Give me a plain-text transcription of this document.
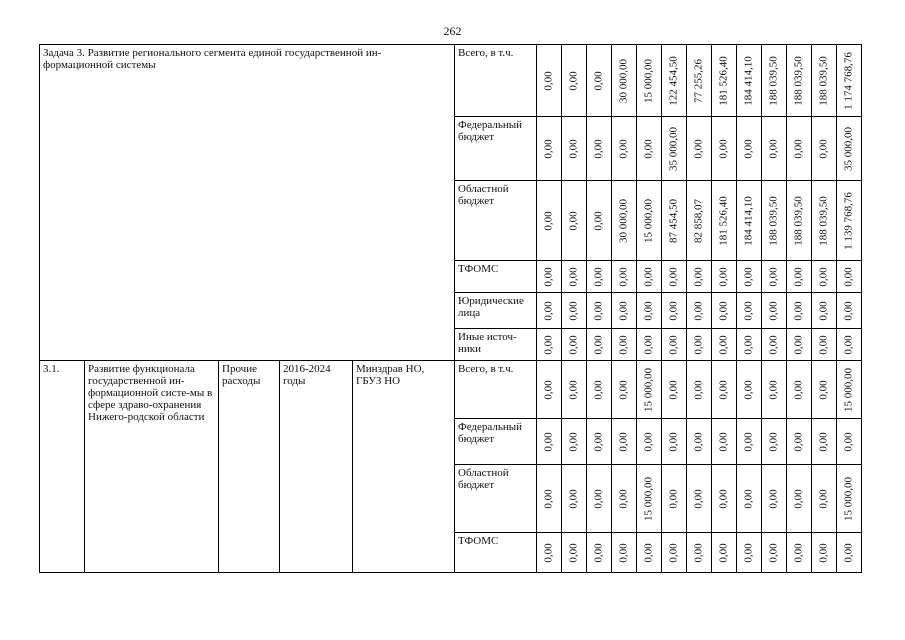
262
Задача 3. Развитие регионального сегмента единой государственной ин-формационной системы					Всего, в т.ч.	0,00	0,00	0,00	30 000,00	15 000,00	122 454,50	77 255,26	181 526,40	184 414,10	188 039,50	188 039,50	188 039,50	1 174 768,76

					Федеральный бюджет	0,00	0,00	0,00	0,00	0,00	35 000,00	0,00	0,00	0,00	0,00	0,00	0,00	35 000,00

					Областной бюджет	0,00	0,00	0,00	30 000,00	15 000,00	87 454,50	82 858,07	181 526,40	184 414,10	188 039,50	188 039,50	188 039,50	1 139 768,76

					ТФОМС	0,00	0,00	0,00	0,00	0,00	0,00	0,00	0,00	0,00	0,00	0,00	0,00	0,00

					Юридические лица	0,00	0,00	0,00	0,00	0,00	0,00	0,00	0,00	0,00	0,00	0,00	0,00	0,00

					Иные источ-ники	0,00	0,00	0,00	0,00	0,00	0,00	0,00	0,00	0,00	0,00	0,00	0,00	0,00

3.1.	Развитие функционала государственной ин-формационной систе-мы в сфере здраво-охранения Нижего-родской области	Прочие расходы	2016-2024 годы	Минздрав НО, ГБУЗ НО	Всего, в т.ч.	0,00	0,00	0,00	0,00	15 000,00	0,00	0,00	0,00	0,00	0,00	0,00	0,00	15 000,00

					Федеральный бюджет	0,00	0,00	0,00	0,00	0,00	0,00	0,00	0,00	0,00	0,00	0,00	0,00	0,00

					Областной бюджет	0,00	0,00	0,00	0,00	15 000,00	0,00	0,00	0,00	0,00	0,00	0,00	0,00	15 000,00

					ТФОМС	0,00	0,00	0,00	0,00	0,00	0,00	0,00	0,00	0,00	0,00	0,00	0,00	0,00
